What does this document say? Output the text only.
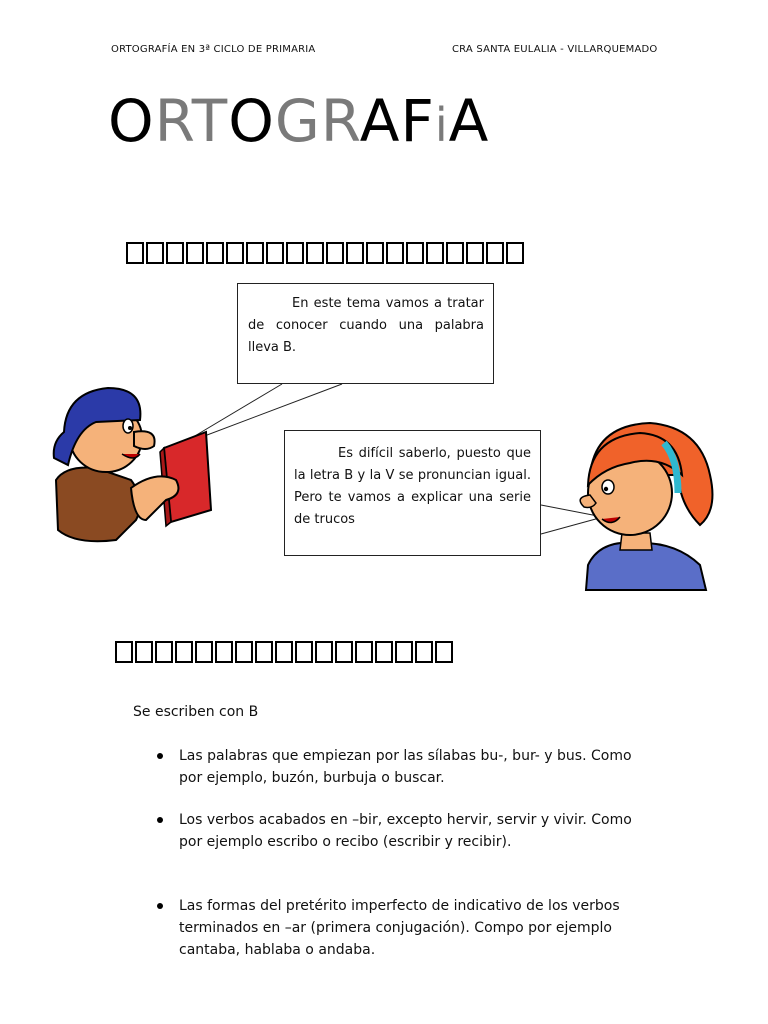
ORTOGRAFÍA EN 3ª CICLO DE PRIMARIA	CRA SANTA EULALIA - VILLARQUEMADO
ORTOGRAFiA

En este tema vamos a tratar de conocer cuando una palabra lleva B.

Es difícil saberlo, puesto que la letra B y la V se pronuncian igual. Pero te vamos a explicar una serie de trucos

Se escriben con B
Las palabras que empiezan por las sílabas bu-, bur- y bus. Como por ejemplo, buzón, burbuja o buscar.
Los verbos acabados en –bir, excepto hervir, servir y vivir. Como por ejemplo escribo o recibo (escribir y recibir).
Las formas del pretérito imperfecto de indicativo de los verbos terminados en –ar (primera conjugación). Compo por ejemplo cantaba, hablaba o andaba.
